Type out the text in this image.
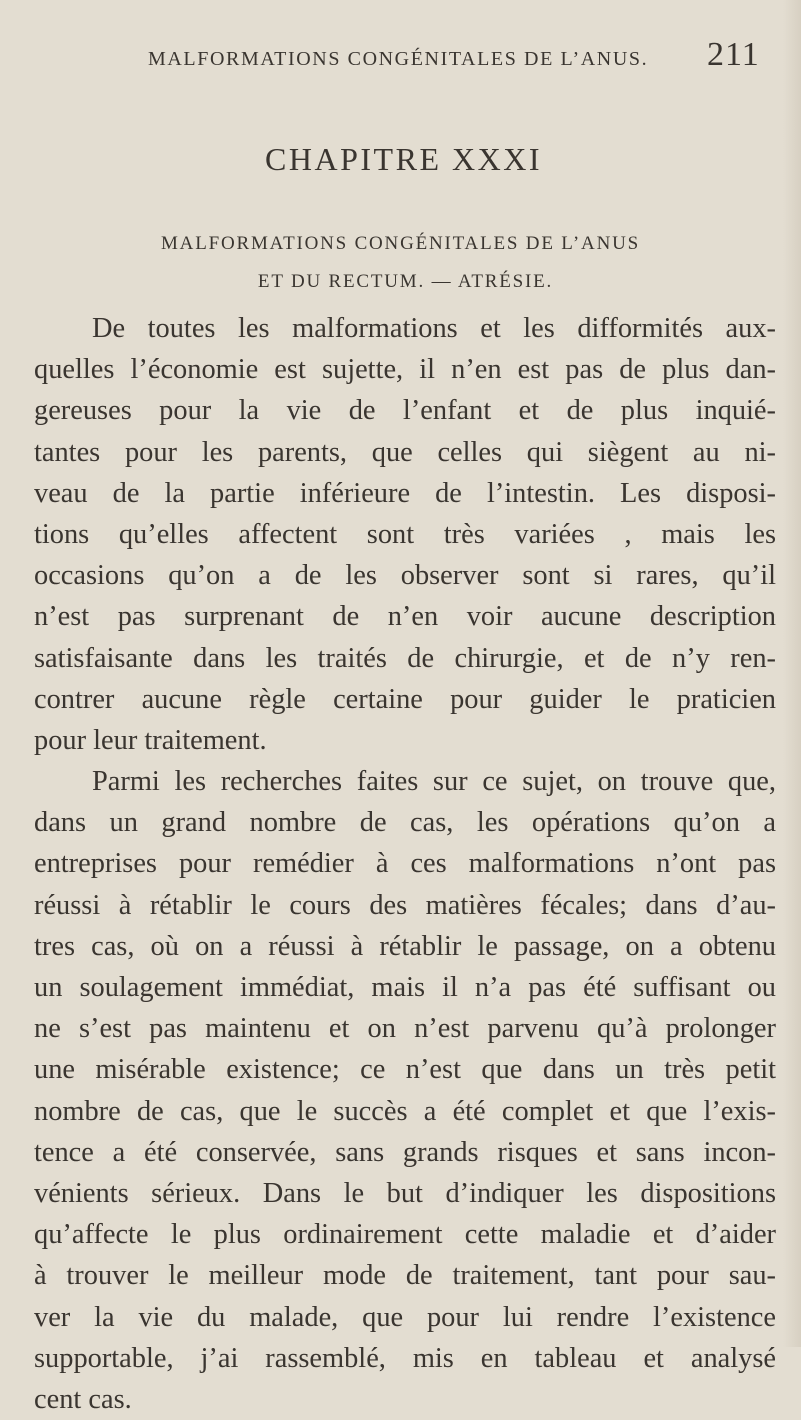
MALFORMATIONS CONGÉNITALES DE L’ANUS. 211
CHAPITRE XXXI
MALFORMATIONS CONGÉNITALES DE L’ANUS
ET DU RECTUM. — ATRÉSIE.
De toutes les malformations et les difformités aux-
quelles l’économie est sujette, il n’en est pas de plus dan-
gereuses pour la vie de l’enfant et de plus inquié-
tantes pour les parents, que celles qui siègent au ni-
veau de la partie inférieure de l’intestin. Les disposi-
tions qu’elles affectent sont très variées , mais les
occasions qu’on a de les observer sont si rares, qu’il
n’est pas surprenant de n’en voir aucune description
satisfaisante dans les traités de chirurgie, et de n’y ren-
contrer aucune règle certaine pour guider le praticien
pour leur traitement.
Parmi les recherches faites sur ce sujet, on trouve que,
dans un grand nombre de cas, les opérations qu’on a
entreprises pour remédier à ces malformations n’ont pas
réussi à rétablir le cours des matières fécales; dans d’au-
tres cas, où on a réussi à rétablir le passage, on a obtenu
un soulagement immédiat, mais il n’a pas été suffisant ou
ne s’est pas maintenu et on n’est parvenu qu’à prolonger
une misérable existence; ce n’est que dans un très petit
nombre de cas, que le succès a été complet et que l’exis-
tence a été conservée, sans grands risques et sans incon-
vénients sérieux. Dans le but d’indiquer les dispositions
qu’affecte le plus ordinairement cette maladie et d’aider
à trouver le meilleur mode de traitement, tant pour sau-
ver la vie du malade, que pour lui rendre l’existence
supportable, j’ai rassemblé, mis en tableau et analysé
cent cas.
